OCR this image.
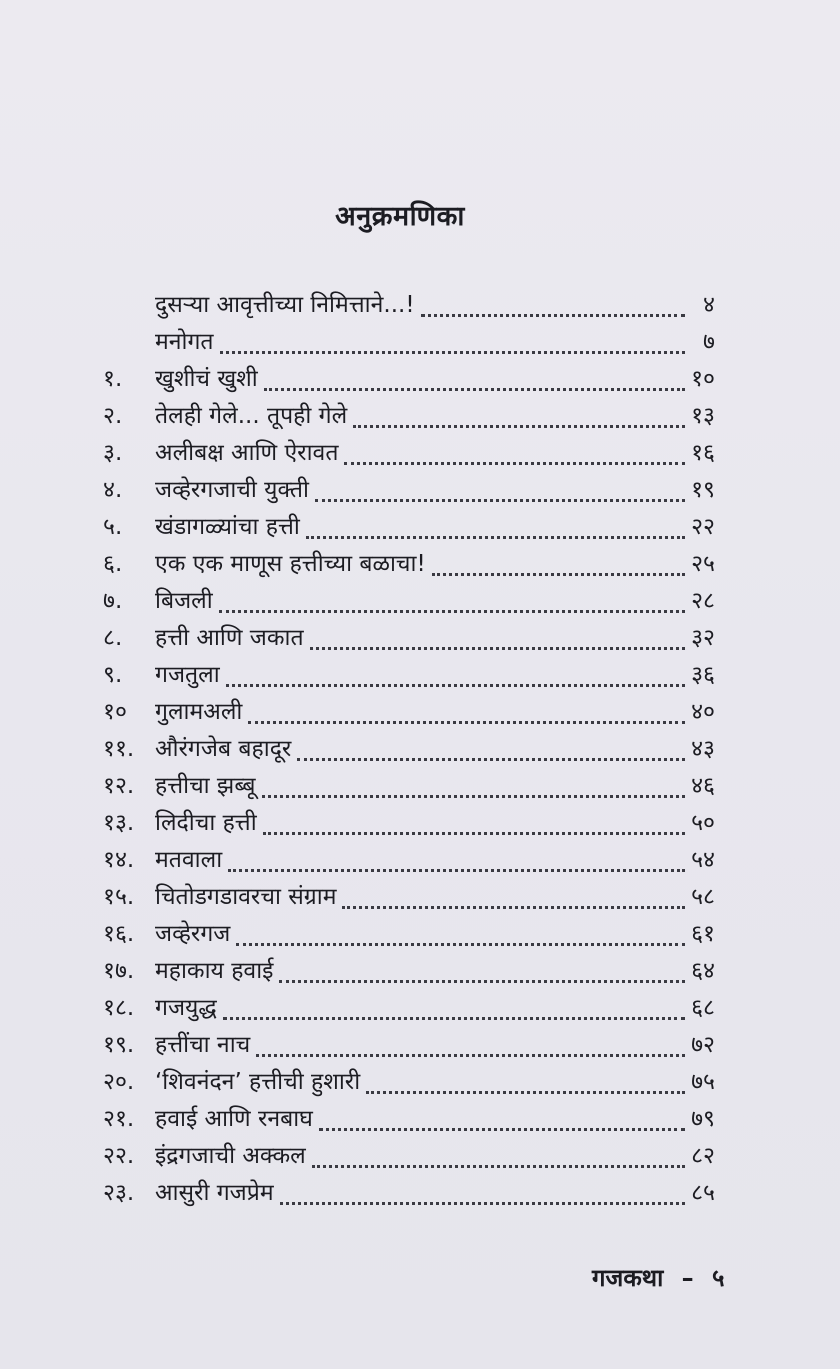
अनुक्रमणिका
दुसऱ्या आवृत्तीच्या निमित्ताने...!	४
मनोगत	७
१.	खुशीचं खुशी	१०
२.	तेलही गेले... तूपही गेले	१३
३.	अलीबक्ष आणि ऐरावत	१६
४.	जव्हेरगजाची युक्ती	१९
५.	खंडागळ्यांचा हत्ती	२२
६.	एक एक माणूस हत्तीच्या बळाचा!	२५
७.	बिजली	२८
८.	हत्ती आणि जकात	३२
९.	गजतुला	३६
१०	गुलामअली	४०
११. औरंगजेब बहादूर	४३
१२. हत्तीचा झब्बू	४६
१३. लिदीचा हत्ती	५०
१४. मतवाला	५४
१५. चितोडगडावरचा संग्राम	५८
१६. जव्हेरगज	६१
१७. महाकाय हवाई	६४
१८. गजयुद्ध	६८
१९. हत्तींचा नाच	७२
२०. ‘शिवनंदन’ हत्तीची हुशारी	७५
२१. हवाई आणि रनबाघ	७९
२२. इंद्रगजाची अक्कल	८२
२३. आसुरी गजप्रेम	८५
गजकथा – ५
